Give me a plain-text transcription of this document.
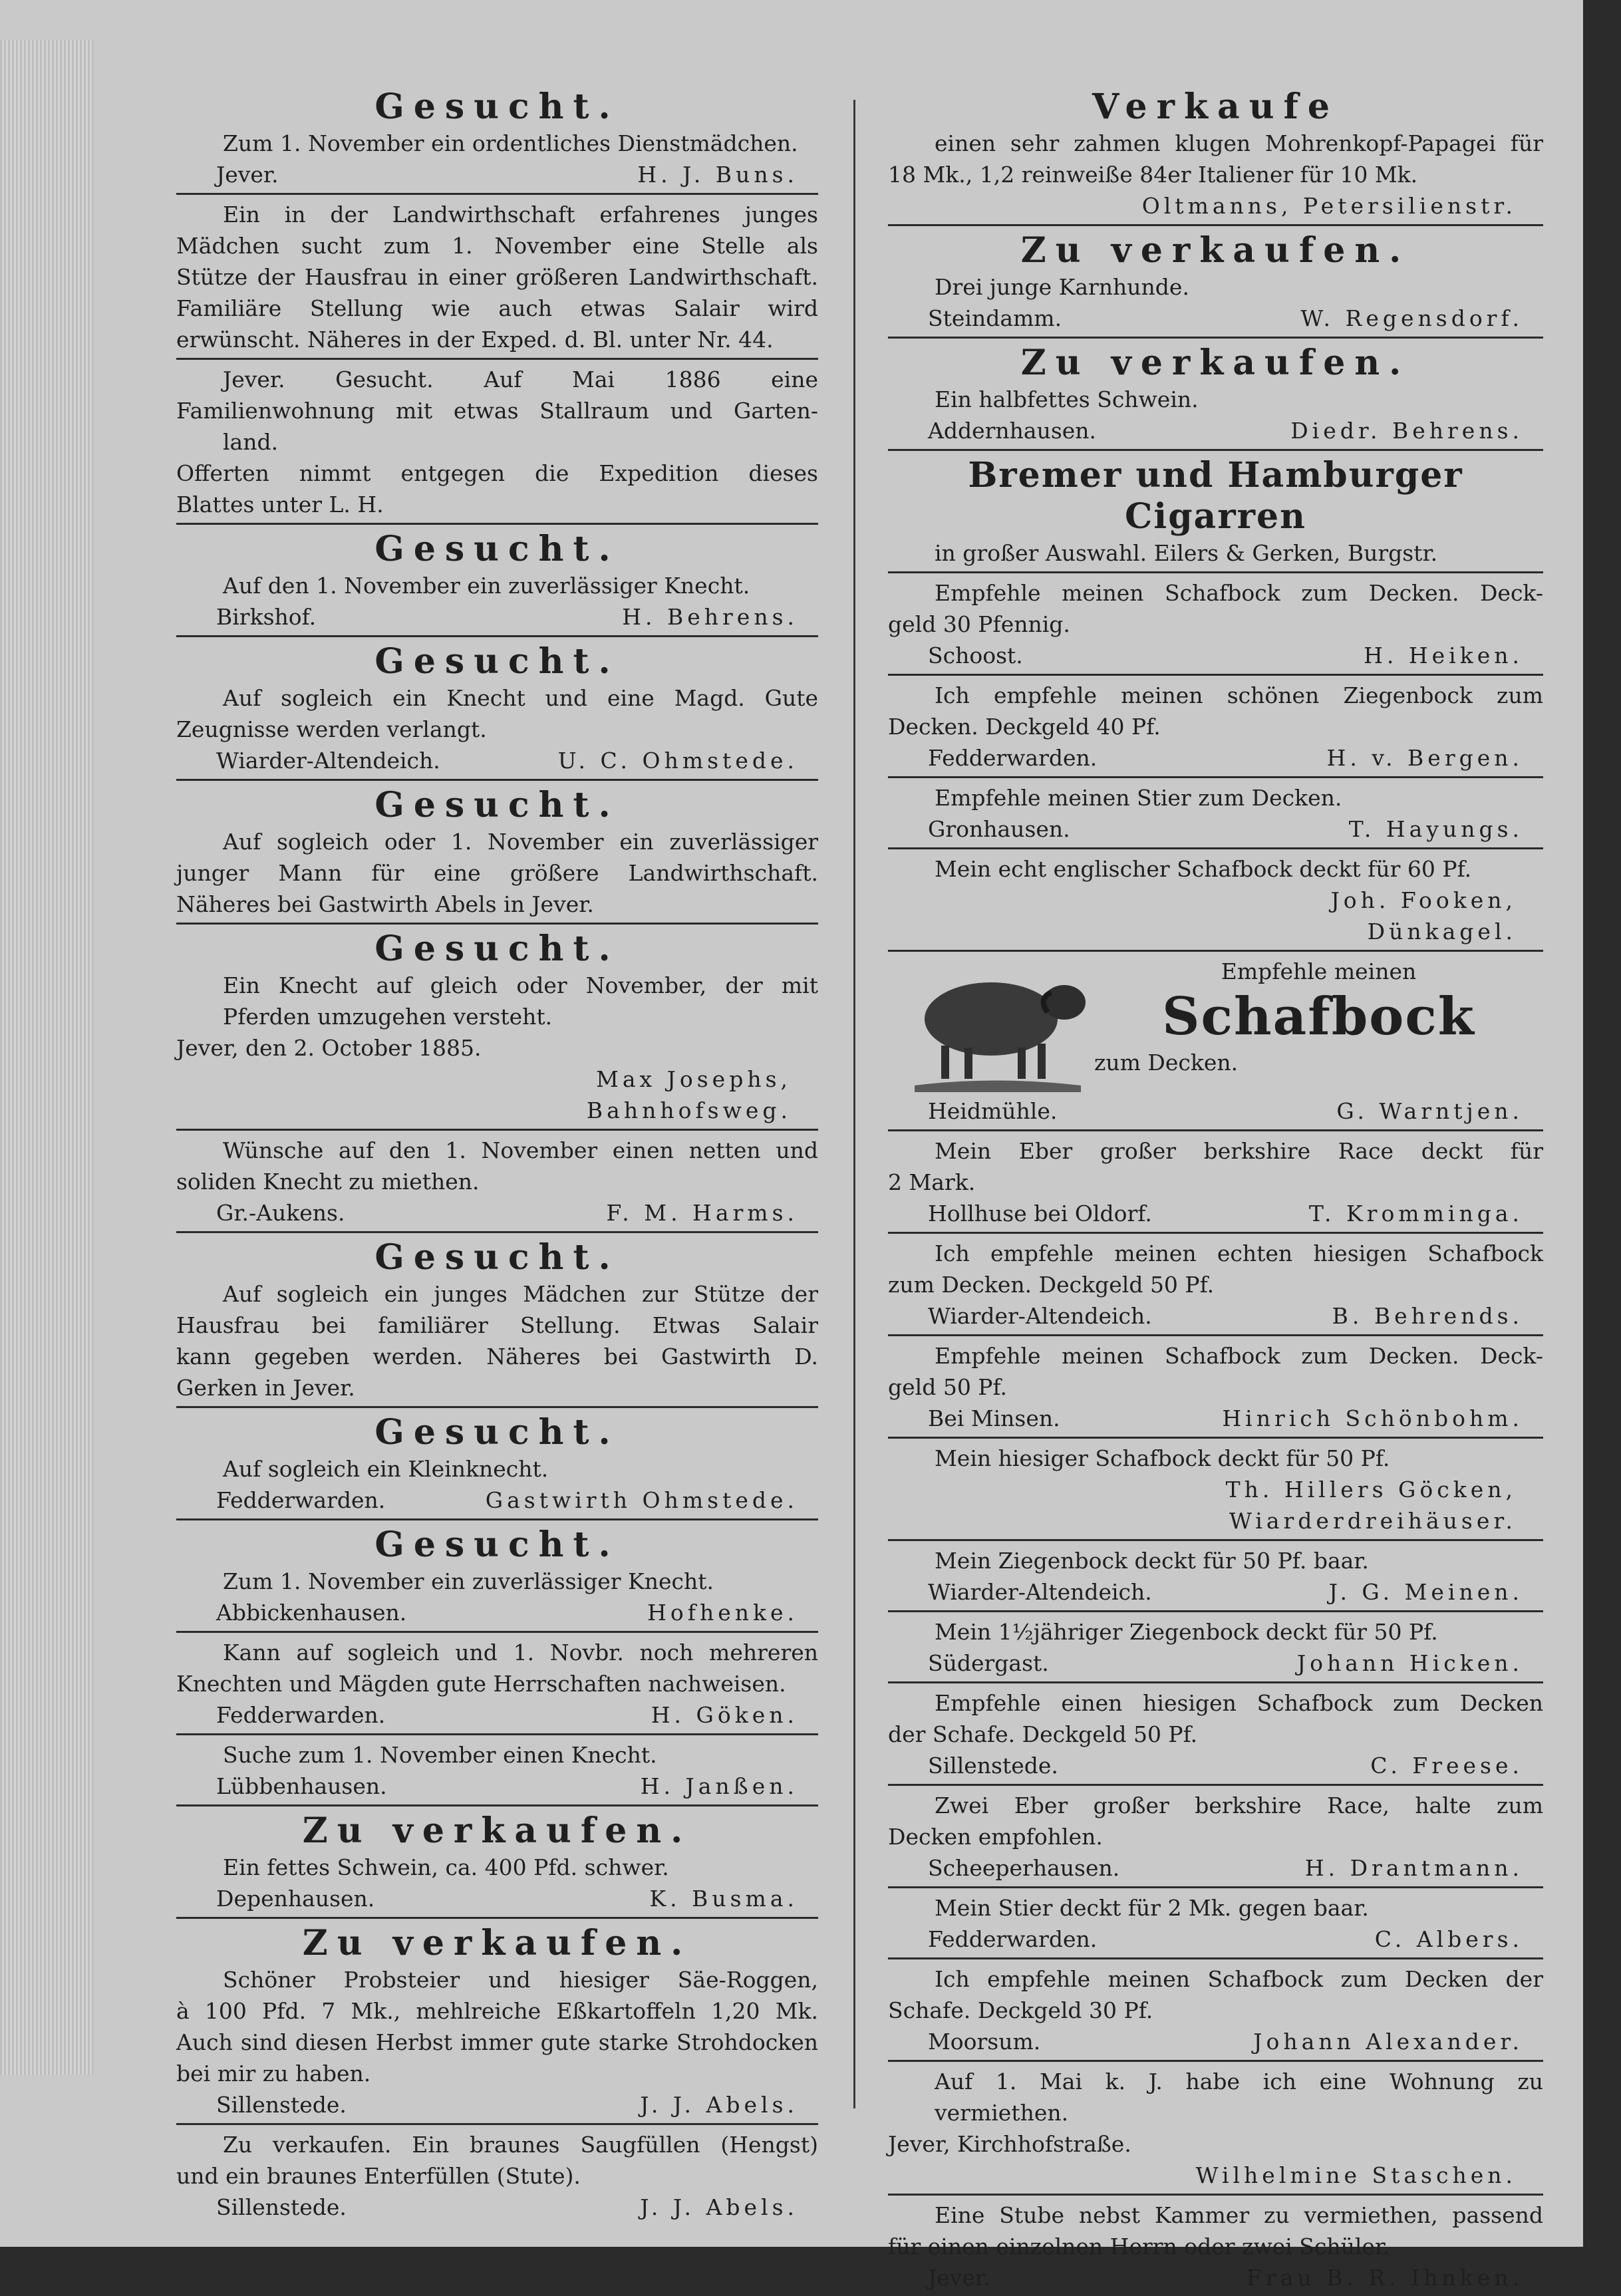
Gesucht.
Zum 1. November ein ordentliches Dienstmädchen.
Jever.	H. J. Buns.
Ein in der Landwirthschaft erfahrenes junges
Mädchen sucht zum 1. November eine Stelle als
Stütze der Hausfrau in einer größeren Landwirthschaft.
Familiäre Stellung wie auch etwas Salair wird
erwünscht. Näheres in der Exped. d. Bl. unter Nr. 44.
Jever. Gesucht. Auf Mai 1886 eine
Familienwohnung mit etwas Stallraum und Garten-
land.
Offerten nimmt entgegen die Expedition dieses
Blattes unter L. H.
Gesucht.
Auf den 1. November ein zuverlässiger Knecht.
Birkshof.	H. Behrens.
Gesucht.
Auf sogleich ein Knecht und eine Magd. Gute
Zeugnisse werden verlangt.
Wiarder-Altendeich.	U. C. Ohmstede.
Gesucht.
Auf sogleich oder 1. November ein zuverlässiger
junger Mann für eine größere Landwirthschaft.
Näheres bei Gastwirth Abels in Jever.
Gesucht.
Ein Knecht auf gleich oder November, der mit
Pferden umzugehen versteht.
Jever, den 2. October 1885.
Max Josephs,
Bahnhofsweg.
Wünsche auf den 1. November einen netten und
soliden Knecht zu miethen.
Gr.-Aukens.	F. M. Harms.
Gesucht.
Auf sogleich ein junges Mädchen zur Stütze der
Hausfrau bei familiärer Stellung. Etwas Salair
kann gegeben werden. Näheres bei Gastwirth D.
Gerken in Jever.
Gesucht.
Auf sogleich ein Kleinknecht.
Fedderwarden.	Gastwirth Ohmstede.
Gesucht.
Zum 1. November ein zuverlässiger Knecht.
Abbickenhausen.	Hofhenke.
Kann auf sogleich und 1. Novbr. noch mehreren
Knechten und Mägden gute Herrschaften nachweisen.
Fedderwarden.	H. Göken.
Suche zum 1. November einen Knecht.
Lübbenhausen.	H. Janßen.
Zu verkaufen.
Ein fettes Schwein, ca. 400 Pfd. schwer.
Depenhausen.	K. Busma.
Zu verkaufen.
Schöner Probsteier und hiesiger Säe-Roggen,
à 100 Pfd. 7 Mk., mehlreiche Eßkartoffeln 1,20 Mk.
Auch sind diesen Herbst immer gute starke Strohdocken
bei mir zu haben.
Sillenstede.	J. J. Abels.
Zu verkaufen. Ein braunes Saugfüllen (Hengst)
und ein braunes Enterfüllen (Stute).
Sillenstede.	J. J. Abels.
Verkaufe
einen sehr zahmen klugen Mohrenkopf-Papagei für
18 Mk., 1,2 reinweiße 84er Italiener für 10 Mk.
Oltmanns, Petersilienstr.
Zu verkaufen.
Drei junge Karnhunde.
Steindamm.	W. Regensdorf.
Zu verkaufen.
Ein halbfettes Schwein.
Addernhausen.	Diedr. Behrens.
Bremer und Hamburger Cigarren
in großer Auswahl. Eilers & Gerken, Burgstr.
Empfehle meinen Schafbock zum Decken. Deck-
geld 30 Pfennig.
Schoost.	H. Heiken.
Ich empfehle meinen schönen Ziegenbock zum
Decken. Deckgeld 40 Pf.
Fedderwarden.	H. v. Bergen.
Empfehle meinen Stier zum Decken.
Gronhausen.	T. Hayungs.
Mein echt englischer Schafbock deckt für 60 Pf.
Joh. Fooken,
Dünkagel.
Empfehle meinen
Schafbock
zum Decken.
Heidmühle.	G. Warntjen.
Mein Eber großer berkshire Race deckt für
2 Mark.
Hollhuse bei Oldorf.	T. Krommingа.
Ich empfehle meinen echten hiesigen Schafbock
zum Decken. Deckgeld 50 Pf.
Wiarder-Altendeich.	B. Behrends.
Empfehle meinen Schafbock zum Decken. Deck-
geld 50 Pf.
Bei Minsen.	Hinrich Schönbohm.
Mein hiesiger Schafbock deckt für 50 Pf.
Th. Hillers Göcken,
Wiarderdreihäuser.
Mein Ziegenbock deckt für 50 Pf. baar.
Wiarder-Altendeich.	J. G. Meinen.
Mein 1½jähriger Ziegenbock deckt für 50 Pf.
Südergast.	Johann Hicken.
Empfehle einen hiesigen Schafbock zum Decken
der Schafe. Deckgeld 50 Pf.
Sillenstede.	C. Freese.
Zwei Eber großer berkshire Race, halte zum
Decken empfohlen.
Scheeperhausen.	H. Drantmann.
Mein Stier deckt für 2 Mk. gegen baar.
Fedderwarden.	C. Albers.
Ich empfehle meinen Schafbock zum Decken der
Schafe. Deckgeld 30 Pf.
Moorsum.	Johann Alexander.
Auf 1. Mai k. J. habe ich eine Wohnung zu
vermiethen.
Jever, Kirchhofstraße.
Wilhelmine Staschen.
Eine Stube nebst Kammer zu vermiethen, passend
für einen einzelnen Herrn oder zwei Schüler.
Jever.	Frau B. R. Ihnken.
